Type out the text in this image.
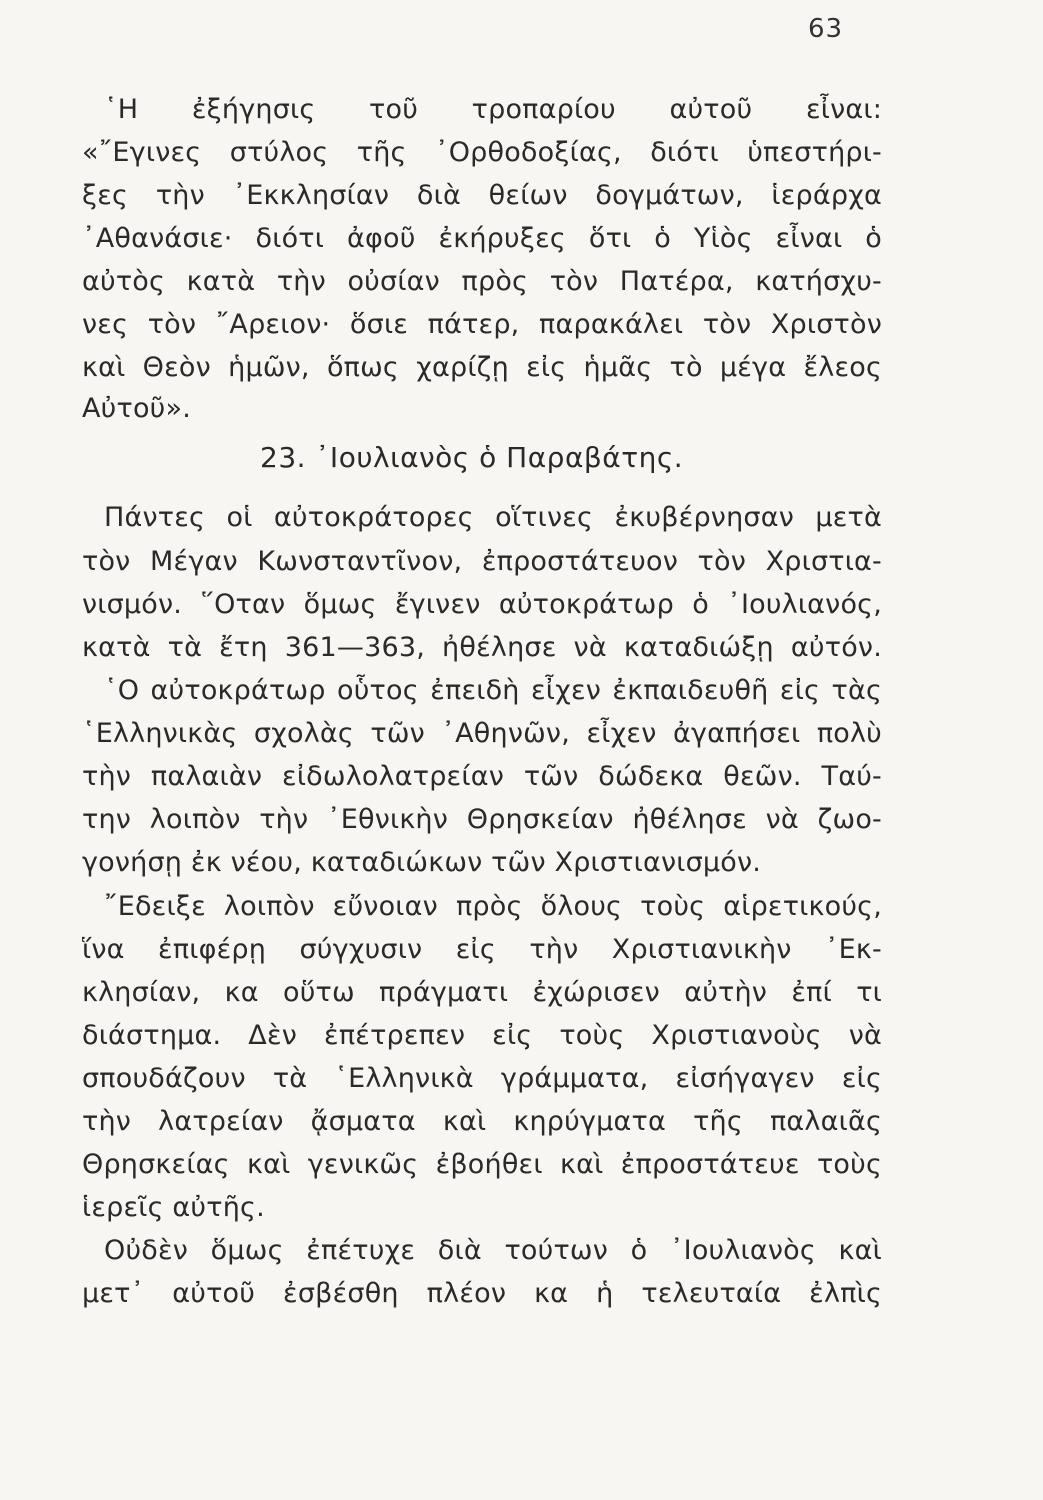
63
῾Η ἐξήγησις τοῦ τροπαρίου αὐτοῦ εἶναι:
«῎Εγινες στύλος τῆς ᾿Ορθοδοξίας, διότι ὑπεστήρι-
ξες τὴν ᾿Εκκλησίαν διὰ θείων δογμάτων, ἱεράρχα
᾿Αθανάσιε· διότι ἀφοῦ ἐκήρυξες ὅτι ὁ Υἱὸς εἶναι ὁ
αὐτὸς κατὰ τὴν οὐσίαν πρὸς τὸν Πατέρα, κατήσχυ-
νες τὸν ῎Αρειον· ὅσιε πάτερ, παρακάλει τὸν Χριστὸν
καὶ Θεὸν ἡμῶν, ὅπως χαρίζῃ εἰς ἡμᾶς τὸ μέγα ἔλεος
Αὐτοῦ».
23. ᾿Ιουλιανὸς ὁ Παραβάτης.
Πάντες οἱ αὐτοκράτορες οἵτινες ἐκυβέρνησαν μετὰ
τὸν Μέγαν Κωνσταντῖνον, ἐπροστάτευον τὸν Χριστια-
νισμόν. ῞Οταν ὅμως ἔγινεν αὐτοκράτωρ ὁ ᾿Ιουλιανός,
κατὰ τὰ ἔτη 361—363, ἠθέλησε νὰ καταδιώξῃ αὐτόν.
῾Ο αὐτοκράτωρ οὗτος ἐπειδὴ εἶχεν ἐκπαιδευθῆ εἰς τὰς
῾Ελληνικὰς σχολὰς τῶν ᾿Αθηνῶν, εἶχεν ἀγαπήσει πολὺ
τὴν παλαιὰν εἰδωλολατρείαν τῶν δώδεκα θεῶν. Ταύ-
την λοιπὸν τὴν ᾿Εθνικὴν Θρησκείαν ἠθέλησε νὰ ζωο-
γονήσῃ ἐκ νέου, καταδιώκων τῶν Χριστιανισμόν.
῎Εδειξε λοιπὸν εὔνοιαν πρὸς ὅλους τοὺς αἱρετικούς,
ἵνα ἐπιφέρῃ σύγχυσιν εἰς τὴν Χριστιανικὴν ᾿Εκ-
κλησίαν, κα οὕτω πράγματι ἐχώρισεν αὐτὴν ἐπί τι
διάστημα. Δὲν ἐπέτρεπεν εἰς τοὺς Χριστιανοὺς νὰ
σπουδάζουν τὰ ῾Ελληνικὰ γράμματα, εἰσήγαγεν εἰς
τὴν λατρείαν ᾄσματα καὶ κηρύγματα τῆς παλαιᾶς
Θρησκείας καὶ γενικῶς ἐβοήθει καὶ ἐπροστάτευε τοὺς
ἱερεῖς αὐτῆς.
Οὐδὲν ὅμως ἐπέτυχε διὰ τούτων ὁ ᾿Ιουλιανὸς καὶ
μετ᾿ αὐτοῦ ἐσβέσθη πλέον κα ἡ τελευταία ἐλπὶς
